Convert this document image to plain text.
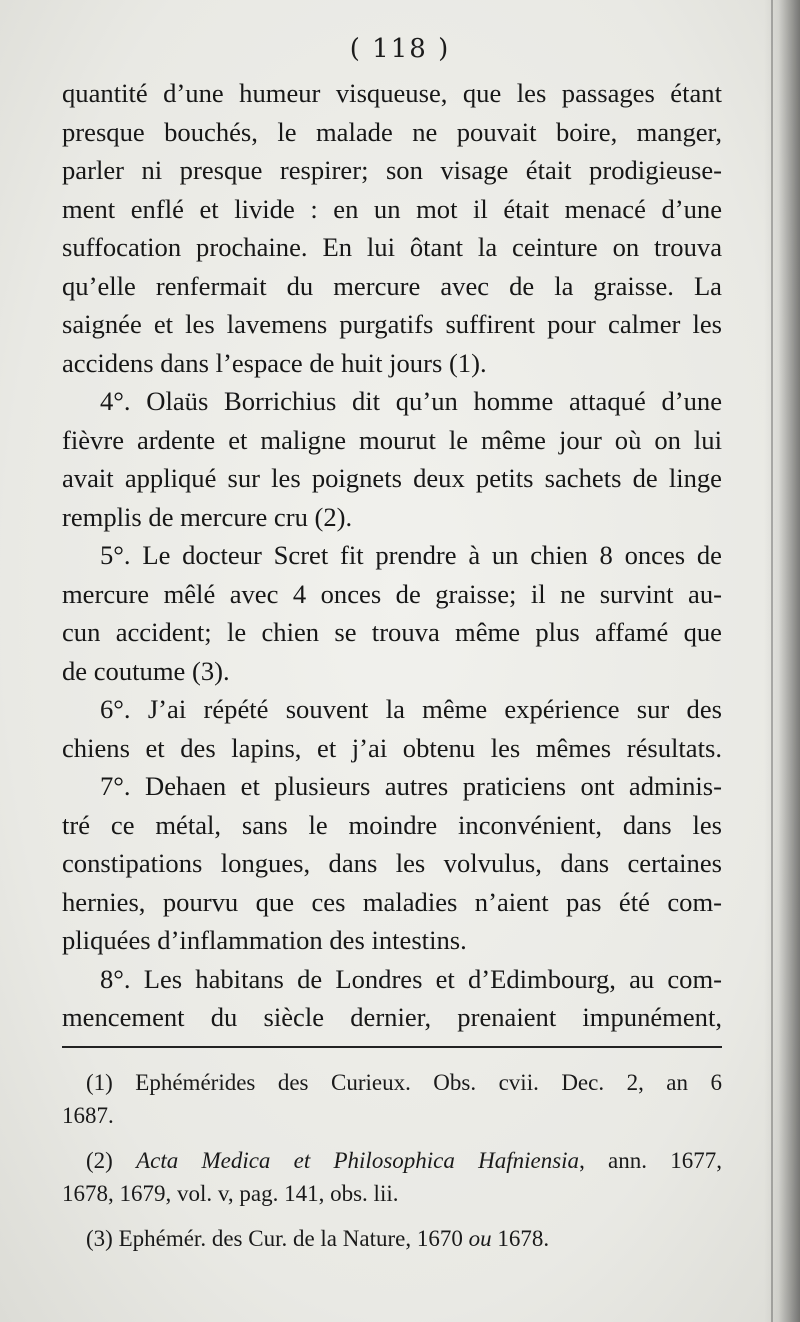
( 118 )
quantité d’une humeur visqueuse, que les passages étant
presque bouchés, le malade ne pouvait boire, manger,
parler ni presque respirer; son visage était prodigieuse-
ment enflé et livide : en un mot il était menacé d’une
suffocation prochaine. En lui ôtant la ceinture on trouva
qu’elle renfermait du mercure avec de la graisse. La
saignée et les lavemens purgatifs suffirent pour calmer les
accidens dans l’espace de huit jours (1).
4°. Olaüs Borrichius dit qu’un homme attaqué d’une
fièvre ardente et maligne mourut le même jour où on lui
avait appliqué sur les poignets deux petits sachets de linge
remplis de mercure cru (2).
5°. Le docteur Scret fit prendre à un chien 8 onces de
mercure mêlé avec 4 onces de graisse; il ne survint au-
cun accident; le chien se trouva même plus affamé que
de coutume (3).
6°. J’ai répété souvent la même expérience sur des
chiens et des lapins, et j’ai obtenu les mêmes résultats.
7°. Dehaen et plusieurs autres praticiens ont adminis-
tré ce métal, sans le moindre inconvénient, dans les
constipations longues, dans les volvulus, dans certaines
hernies, pourvu que ces maladies n’aient pas été com-
pliquées d’inflammation des intestins.
8°. Les habitans de Londres et d’Edimbourg, au com-
mencement du siècle dernier, prenaient impunément,
(1) Ephémérides des Curieux. Obs. cvii. Dec. 2, an 6
1687.
(2) Acta Medica et Philosophica Hafniensia, ann. 1677,
1678, 1679, vol. v, pag. 141, obs. lii.
(3) Ephémér. des Cur. de la Nature, 1670 ou 1678.
